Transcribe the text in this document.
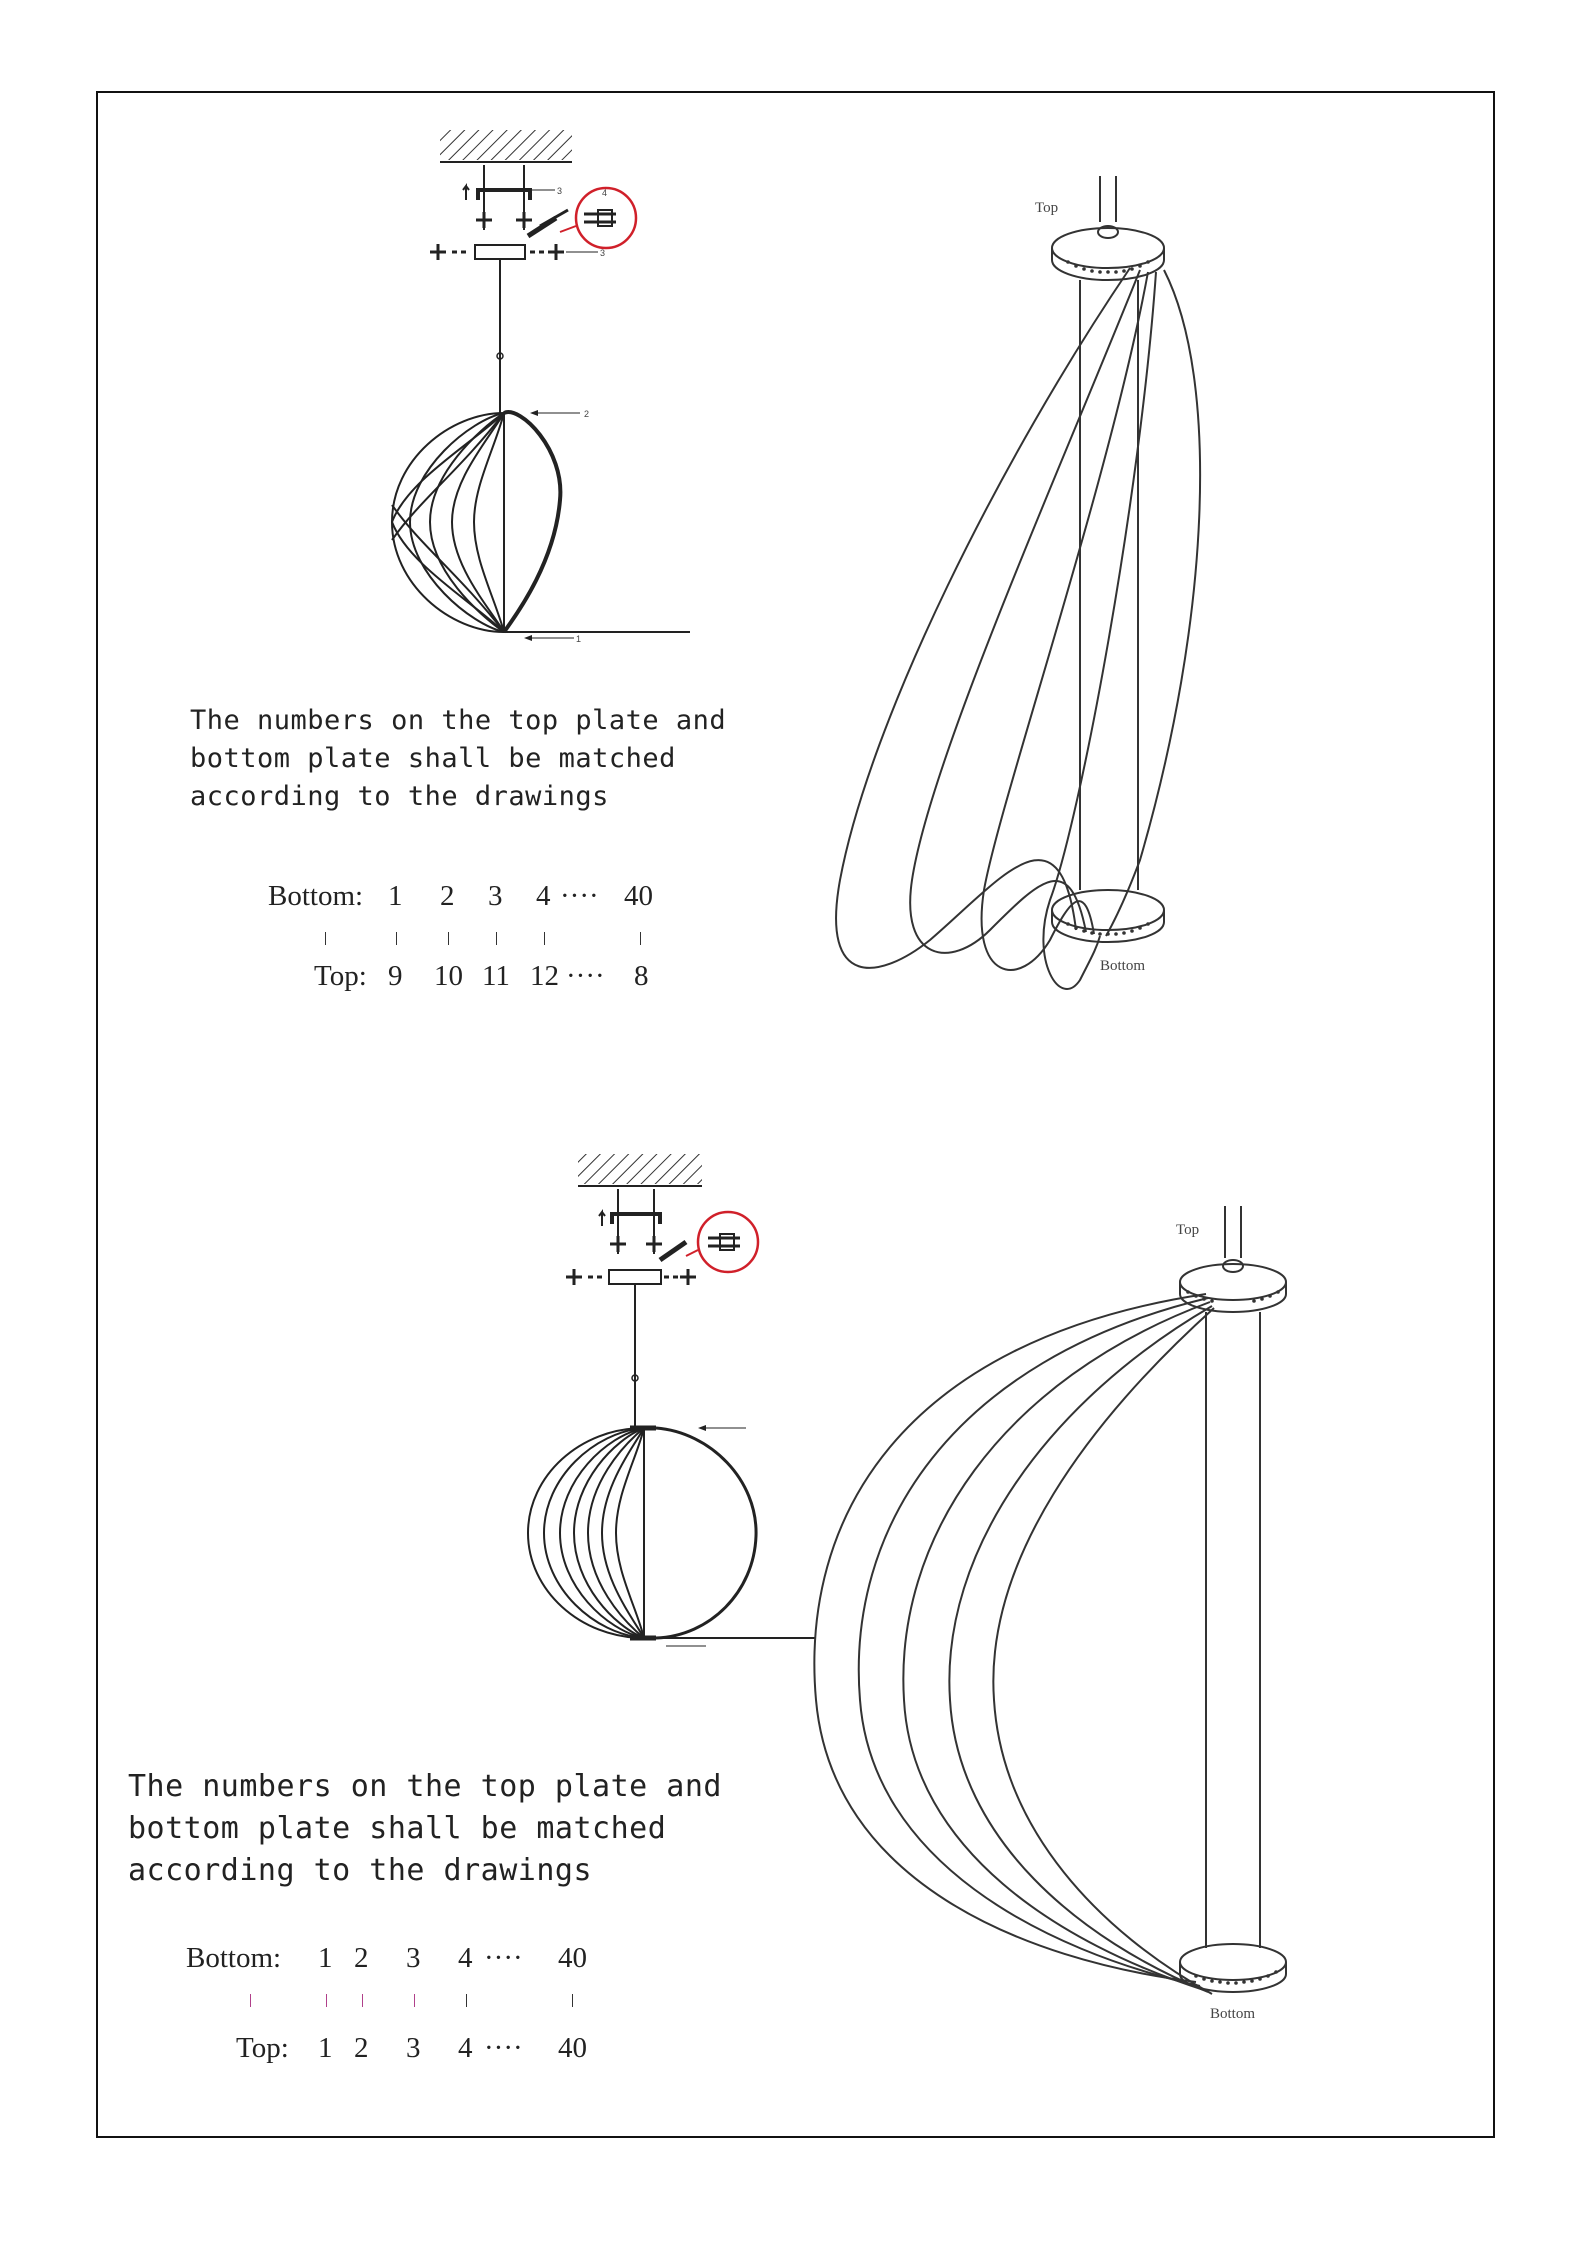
3	4
3
2
1
Top
Bottom
The numbers on the top plate and
bottom plate shall be matched
according to the drawings
Bottom: 1 2 3 4 ···· 40
Top: 9 10 11 12 ···· 8
Top
Bottom
The numbers on the top plate and
bottom plate shall be matched
according to the drawings
Bottom: 1 2 3 4 ···· 40
Top: 1 2 3 4 ···· 40
